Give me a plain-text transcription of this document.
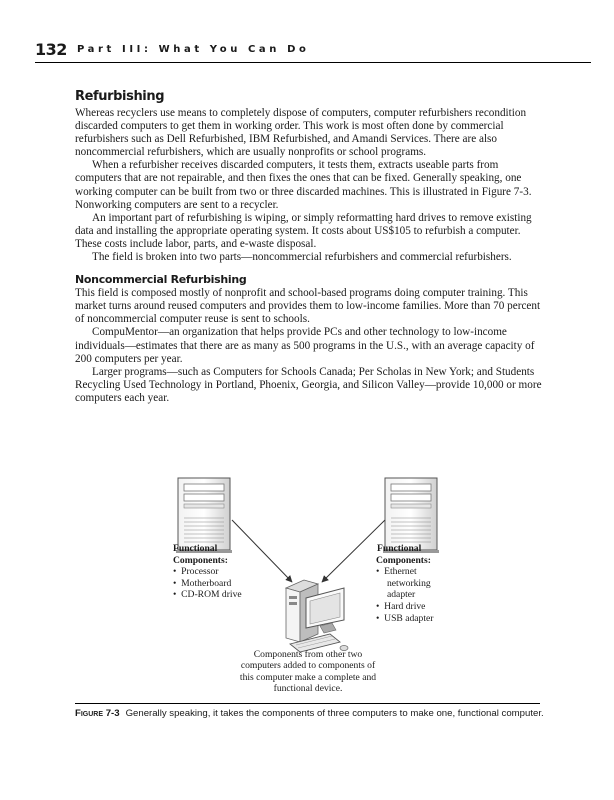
132 Part III: What You Can Do
Refurbishing

Whereas recyclers use means to completely dispose of computers, computer refurbishers recondition discarded computers to get them in working order. This work is most often done by commercial refurbishers such as Dell Refurbished, IBM Refurbished, and Amandi Services. There are also noncommercial refurbishers, which are usually nonprofits or school programs.

When a refurbisher receives discarded computers, it tests them, extracts useable parts from computers that are not repairable, and then fixes the ones that can be fixed. Generally speaking, one working computer can be built from two or three discarded machines. This is illustrated in Figure 7-3. Nonworking computers are sent to a recycler.

An important part of refurbishing is wiping, or simply reformatting hard drives to remove existing data and installing the appropriate operating system. It costs about US$105 to refurbish a computer. These costs include labor, parts, and e-waste disposal.

The field is broken into two parts—noncommercial refurbishers and commercial refurbishers.

Noncommercial Refurbishing

This field is composed mostly of nonprofit and school-based programs doing computer training. This market turns around reused computers and provides them to low-income families. More than 70 percent of noncommercial computer reuse is sent to schools.

CompuMentor—an organization that helps provide PCs and other technology to low-income individuals—estimates that there are as many as 500 programs in the U.S., with an average capacity of 200 computers per year.

Larger programs—such as Computers for Schools Canada; Per Scholas in New York; and Students Recycling Used Technology in Portland, Phoenix, Georgia, and Silicon Valley—provide 10,000 or more computers each year.

Functional
Components:
• Processor
• Motherboard
• CD-ROM drive
Functional
Components:
• Ethernet
networking
adapter
• Hard drive
• USB adapter
Components from other two
computers added to components of
this computer make a complete and
functional device.
Figure 7-3 Generally speaking, it takes the components of three computers to make one, functional computer.
